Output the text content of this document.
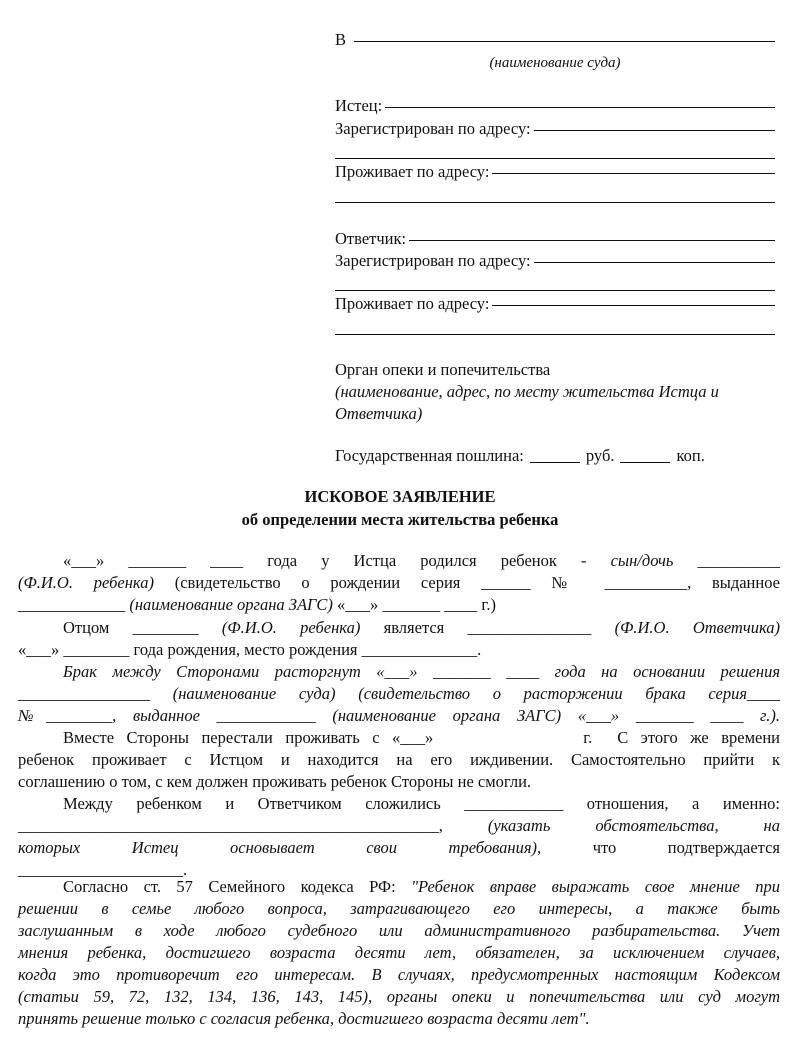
В
(наименование суда)
Истец:
Зарегистрирован по адресу:
Проживает по адресу:
Ответчик:
Зарегистрирован по адресу:
Проживает по адресу:
Орган опеки и попечительства
(наименование, адрес, по месту жительства Истца и
Ответчика)
Государственная пошлина:	руб.	коп.
ИСКОВОЕ ЗАЯВЛЕНИЕ
об определении места жительства ребенка
«___» _______ ____ года у Истца родился ребенок - сын/дочь __________
(Ф.И.О. ребенка) (свидетельство о рождении серия ______ № __________, выданное
_____________ (наименование органа ЗАГС) «___» _______ ____ г.)
Отцом ________ (Ф.И.О. ребенка) является _______________ (Ф.И.О. Ответчика)
«___» ________ года рождения, место рождения ______________.
Брак между Сторонами расторгнут «___» _______ ____ года на основании решения
________________ (наименование суда) (свидетельство о расторжении брака серия____
№________, выданное ____________ (наименование органа ЗАГС) «___» _______ ____ г.).
Вместе Стороны перестали проживать с «___»            г.  С этого же времени
ребенок проживает с Истцом и находится на его иждивении. Самостоятельно прийти к
соглашению о том, с кем должен проживать ребенок Стороны не смогли.
Между ребенком и Ответчиком сложились ____________ отношения, а именно:
___________________________________________________,	(указать обстоятельства, на
которых Истец основывает свои требования),	что подтверждается
____________________.
Согласно ст. 57 Семейного кодекса РФ: "Ребенок вправе выражать свое мнение при
решении в семье любого вопроса, затрагивающего его интересы, а также быть
заслушанным в ходе любого судебного или административного разбирательства. Учет
мнения ребенка, достигшего возраста десяти лет, обязателен, за исключением случаев,
когда это противоречит его интересам. В случаях, предусмотренных настоящим Кодексом
(статьи 59, 72, 132, 134, 136, 143, 145), органы опеки и попечительства или суд могут
принять решение только с согласия ребенка, достигшего возраста десяти лет".
